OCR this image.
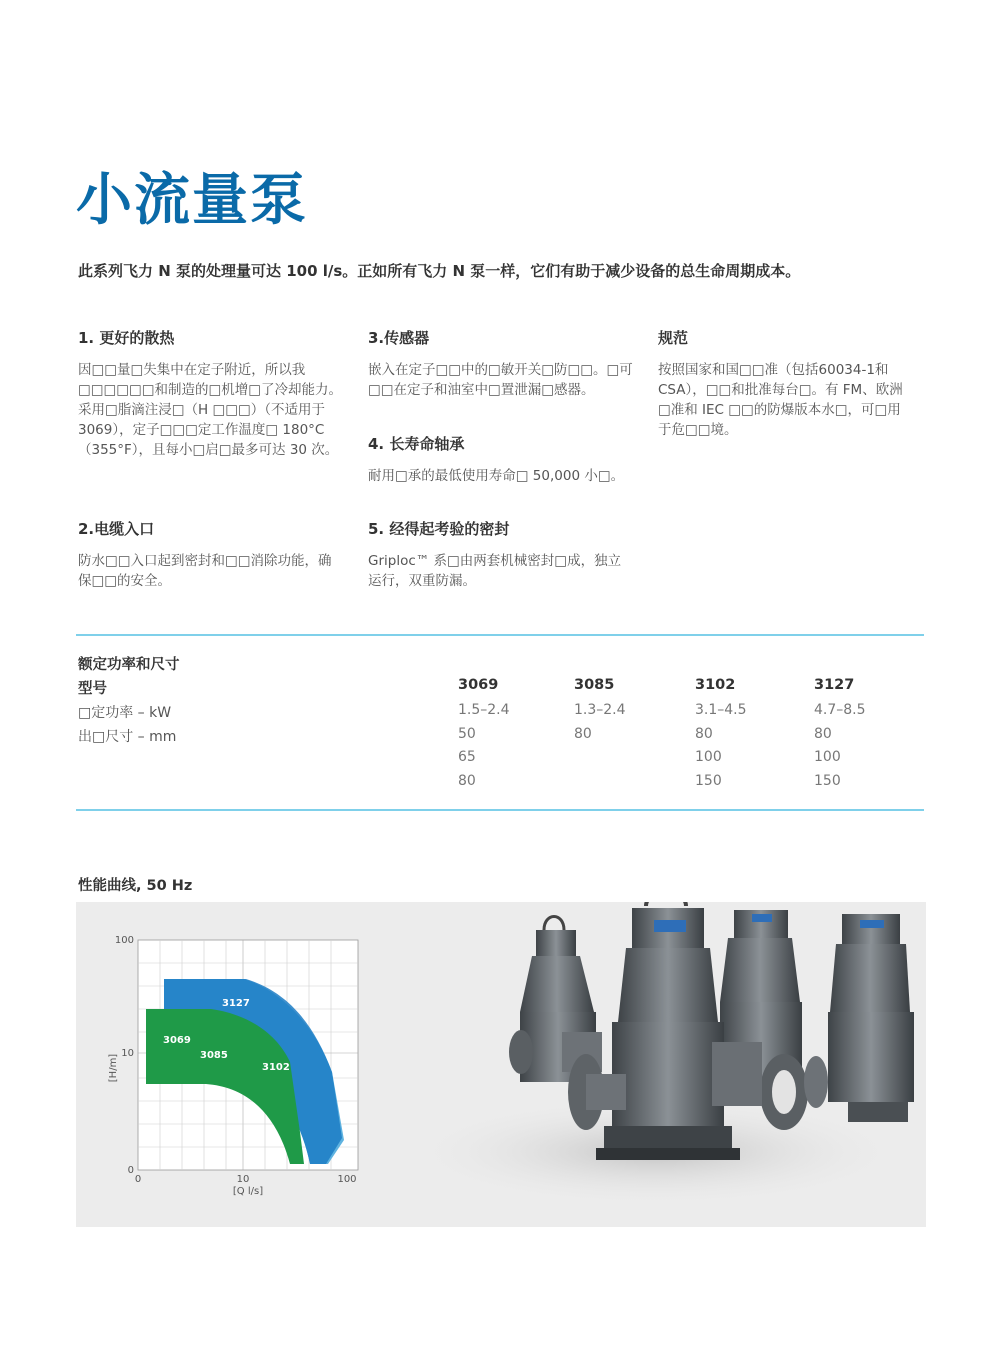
小流量泵
此系列飞力 N 泵的处理量可达 100 l/s。正如所有飞力 N 泵一样，它们有助于减少设备的总生命周期成本。
1. 更好的散热

因□□量□失集中在定子附近，所以我□□□□□□和制造的□机增□了冷却能力。采用□脂滴注浸□（H □□□）（不适用于 3069），定子□□□定工作温度□ 180°C（355°F），且每小□启□最多可达 30 次。

2.电缆入口

防水□□入口起到密封和□□消除功能，确保□□的安全。

3.传感器

嵌入在定子□□中的□敏开关□防□□。□可□□在定子和油室中□置泄漏□感器。

4. 长寿命轴承

耐用□承的最低使用寿命□ 50,000 小□。

5. 经得起考验的密封

Griploc™ 系□由两套机械密封□成，独立运行，双重防漏。

规范

按照国家和国□□准（包括60034-1和 CSA），□□和批准每台□。有 FM、欧洲□准和 IEC □□的防爆版本水□，可□用于危□□境。

额定功率和尺寸
型号
□定功率 – kW
出□尺寸 – mm
3069
1.5–2.4
50
65
80
3085
1.3–2.4
80
3102
3.1–4.5
80
100
150
3127
4.7–8.5
80
100
150
性能曲线, 50 Hz
3127
3069
3085
3102
100
10
0
0	10	100
[Q l/s]
[H/m]
